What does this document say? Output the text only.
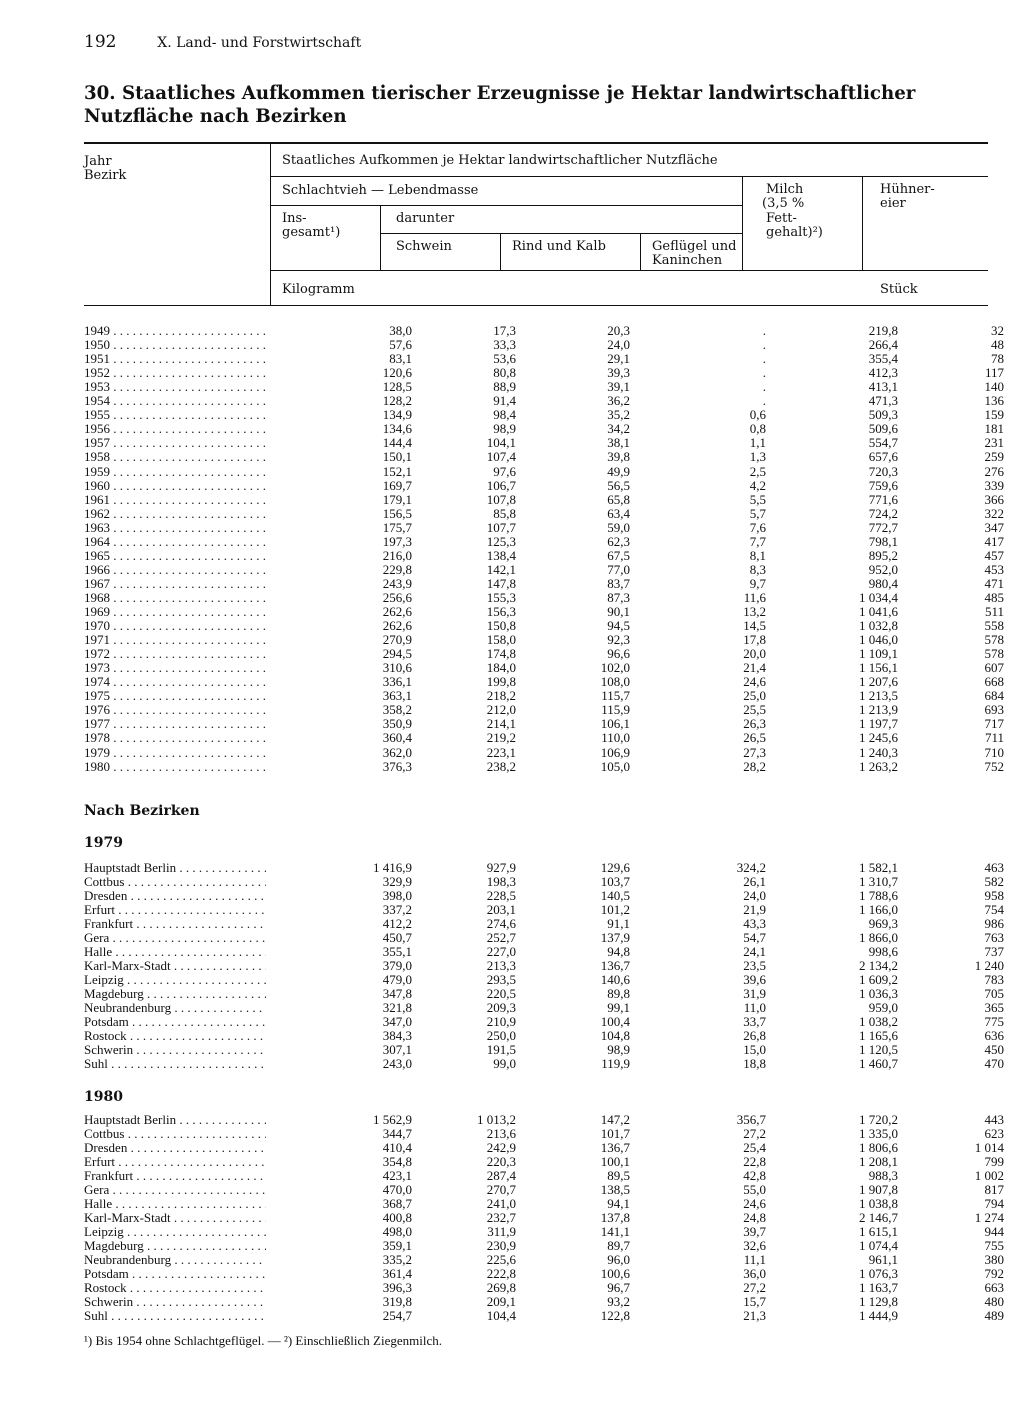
192	X. Land- und Forstwirtschaft
30. Staatliches Aufkommen tierischer Erzeugnisse je Hektar landwirtschaftlicher Nutzfläche nach Bezirken
Jahr
Bezirk
Staatliches Aufkommen je Hektar landwirtschaftlicher Nutzfläche
Schlachtvieh — Lebendmasse
Ins-
gesamt¹)
darunter
Schwein	Rind und Kalb	Geflügel und
Kaninchen
Milch
(3,5 %
Fett-
gehalt)²)
Hühner-
eier
Kilogramm	Stück
1949 . . .	38,0	17,3	20,3	.	219,8	32
1950 . . .	57,6	33,3	24,0	.	266,4	48
1951 . . .	83,1	53,6	29,1	.	355,4	78
1952 . . .	120,6	80,8	39,3	.	412,3	117
1953 . . .	128,5	88,9	39,1	.	413,1	140
1954 . . .	128,2	91,4	36,2	.	471,3	136
1955 . . .	134,9	98,4	35,2	0,6	509,3	159
1956 . . .	134,6	98,9	34,2	0,8	509,6	181
1957 . . .	144,4	104,1	38,1	1,1	554,7	231
1958 . . .	150,1	107,4	39,8	1,3	657,6	259
1959 . . .	152,1	97,6	49,9	2,5	720,3	276
1960 . . .	169,7	106,7	56,5	4,2	759,6	339
1961 . . .	179,1	107,8	65,8	5,5	771,6	366
1962 . . .	156,5	85,8	63,4	5,7	724,2	322
1963 . . .	175,7	107,7	59,0	7,6	772,7	347
1964 . . .	197,3	125,3	62,3	7,7	798,1	417
1965 . . .	216,0	138,4	67,5	8,1	895,2	457
1966 . . .	229,8	142,1	77,0	8,3	952,0	453
1967 . . .	243,9	147,8	83,7	9,7	980,4	471
1968 . . .	256,6	155,3	87,3	11,6	1 034,4	485
1969 . . .	262,6	156,3	90,1	13,2	1 041,6	511
1970 . . .	262,6	150,8	94,5	14,5	1 032,8	558
1971 . . .	270,9	158,0	92,3	17,8	1 046,0	578
1972 . . .	294,5	174,8	96,6	20,0	1 109,1	578
1973 . . .	310,6	184,0	102,0	21,4	1 156,1	607
1974 . . .	336,1	199,8	108,0	24,6	1 207,6	668
1975 . . .	363,1	218,2	115,7	25,0	1 213,5	684
1976 . . .	358,2	212,0	115,9	25,5	1 213,9	693
1977 . . .	350,9	214,1	106,1	26,3	1 197,7	717
1978 . . .	360,4	219,2	110,0	26,5	1 245,6	711
1979 . . .	362,0	223,1	106,9	27,3	1 240,3	710
1980 . . .	376,3	238,2	105,0	28,2	1 263,2	752
Nach Bezirken
1979
Hauptstadt Berlin . . .	1 416,9	927,9	129,6	324,2	1 582,1	463
Cottbus . . .	329,9	198,3	103,7	26,1	1 310,7	582
Dresden . . .	398,0	228,5	140,5	24,0	1 788,6	958
Erfurt . . .	337,2	203,1	101,2	21,9	1 166,0	754
Frankfurt . . .	412,2	274,6	91,1	43,3	969,3	986
Gera . . .	450,7	252,7	137,9	54,7	1 866,0	763
Halle . . .	355,1	227,0	94,8	24,1	998,6	737
Karl-Marx-Stadt . . .	379,0	213,3	136,7	23,5	2 134,2	1 240
Leipzig . . .	479,0	293,5	140,6	39,6	1 609,2	783
Magdeburg . . .	347,8	220,5	89,8	31,9	1 036,3	705
Neubrandenburg . . .	321,8	209,3	99,1	11,0	959,0	365
Potsdam . . .	347,0	210,9	100,4	33,7	1 038,2	775
Rostock . . .	384,3	250,0	104,8	26,8	1 165,6	636
Schwerin . . .	307,1	191,5	98,9	15,0	1 120,5	450
Suhl . . .	243,0	99,0	119,9	18,8	1 460,7	470
1980
Hauptstadt Berlin . . .	1 562,9	1 013,2	147,2	356,7	1 720,2	443
Cottbus . . .	344,7	213,6	101,7	27,2	1 335,0	623
Dresden . . .	410,4	242,9	136,7	25,4	1 806,6	1 014
Erfurt . . .	354,8	220,3	100,1	22,8	1 208,1	799
Frankfurt . . .	423,1	287,4	89,5	42,8	988,3	1 002
Gera . . .	470,0	270,7	138,5	55,0	1 907,8	817
Halle . . .	368,7	241,0	94,1	24,6	1 038,8	794
Karl-Marx-Stadt . . .	400,8	232,7	137,8	24,8	2 146,7	1 274
Leipzig . . .	498,0	311,9	141,1	39,7	1 615,1	944
Magdeburg . . .	359,1	230,9	89,7	32,6	1 074,4	755
Neubrandenburg . . .	335,2	225,6	96,0	11,1	961,1	380
Potsdam . . .	361,4	222,8	100,6	36,0	1 076,3	792
Rostock . . .	396,3	269,8	96,7	27,2	1 163,7	663
Schwerin . . .	319,8	209,1	93,2	15,7	1 129,8	480
Suhl . . .	254,7	104,4	122,8	21,3	1 444,9	489
¹) Bis 1954 ohne Schlachtgeflügel. — ²) Einschließlich Ziegenmilch.
